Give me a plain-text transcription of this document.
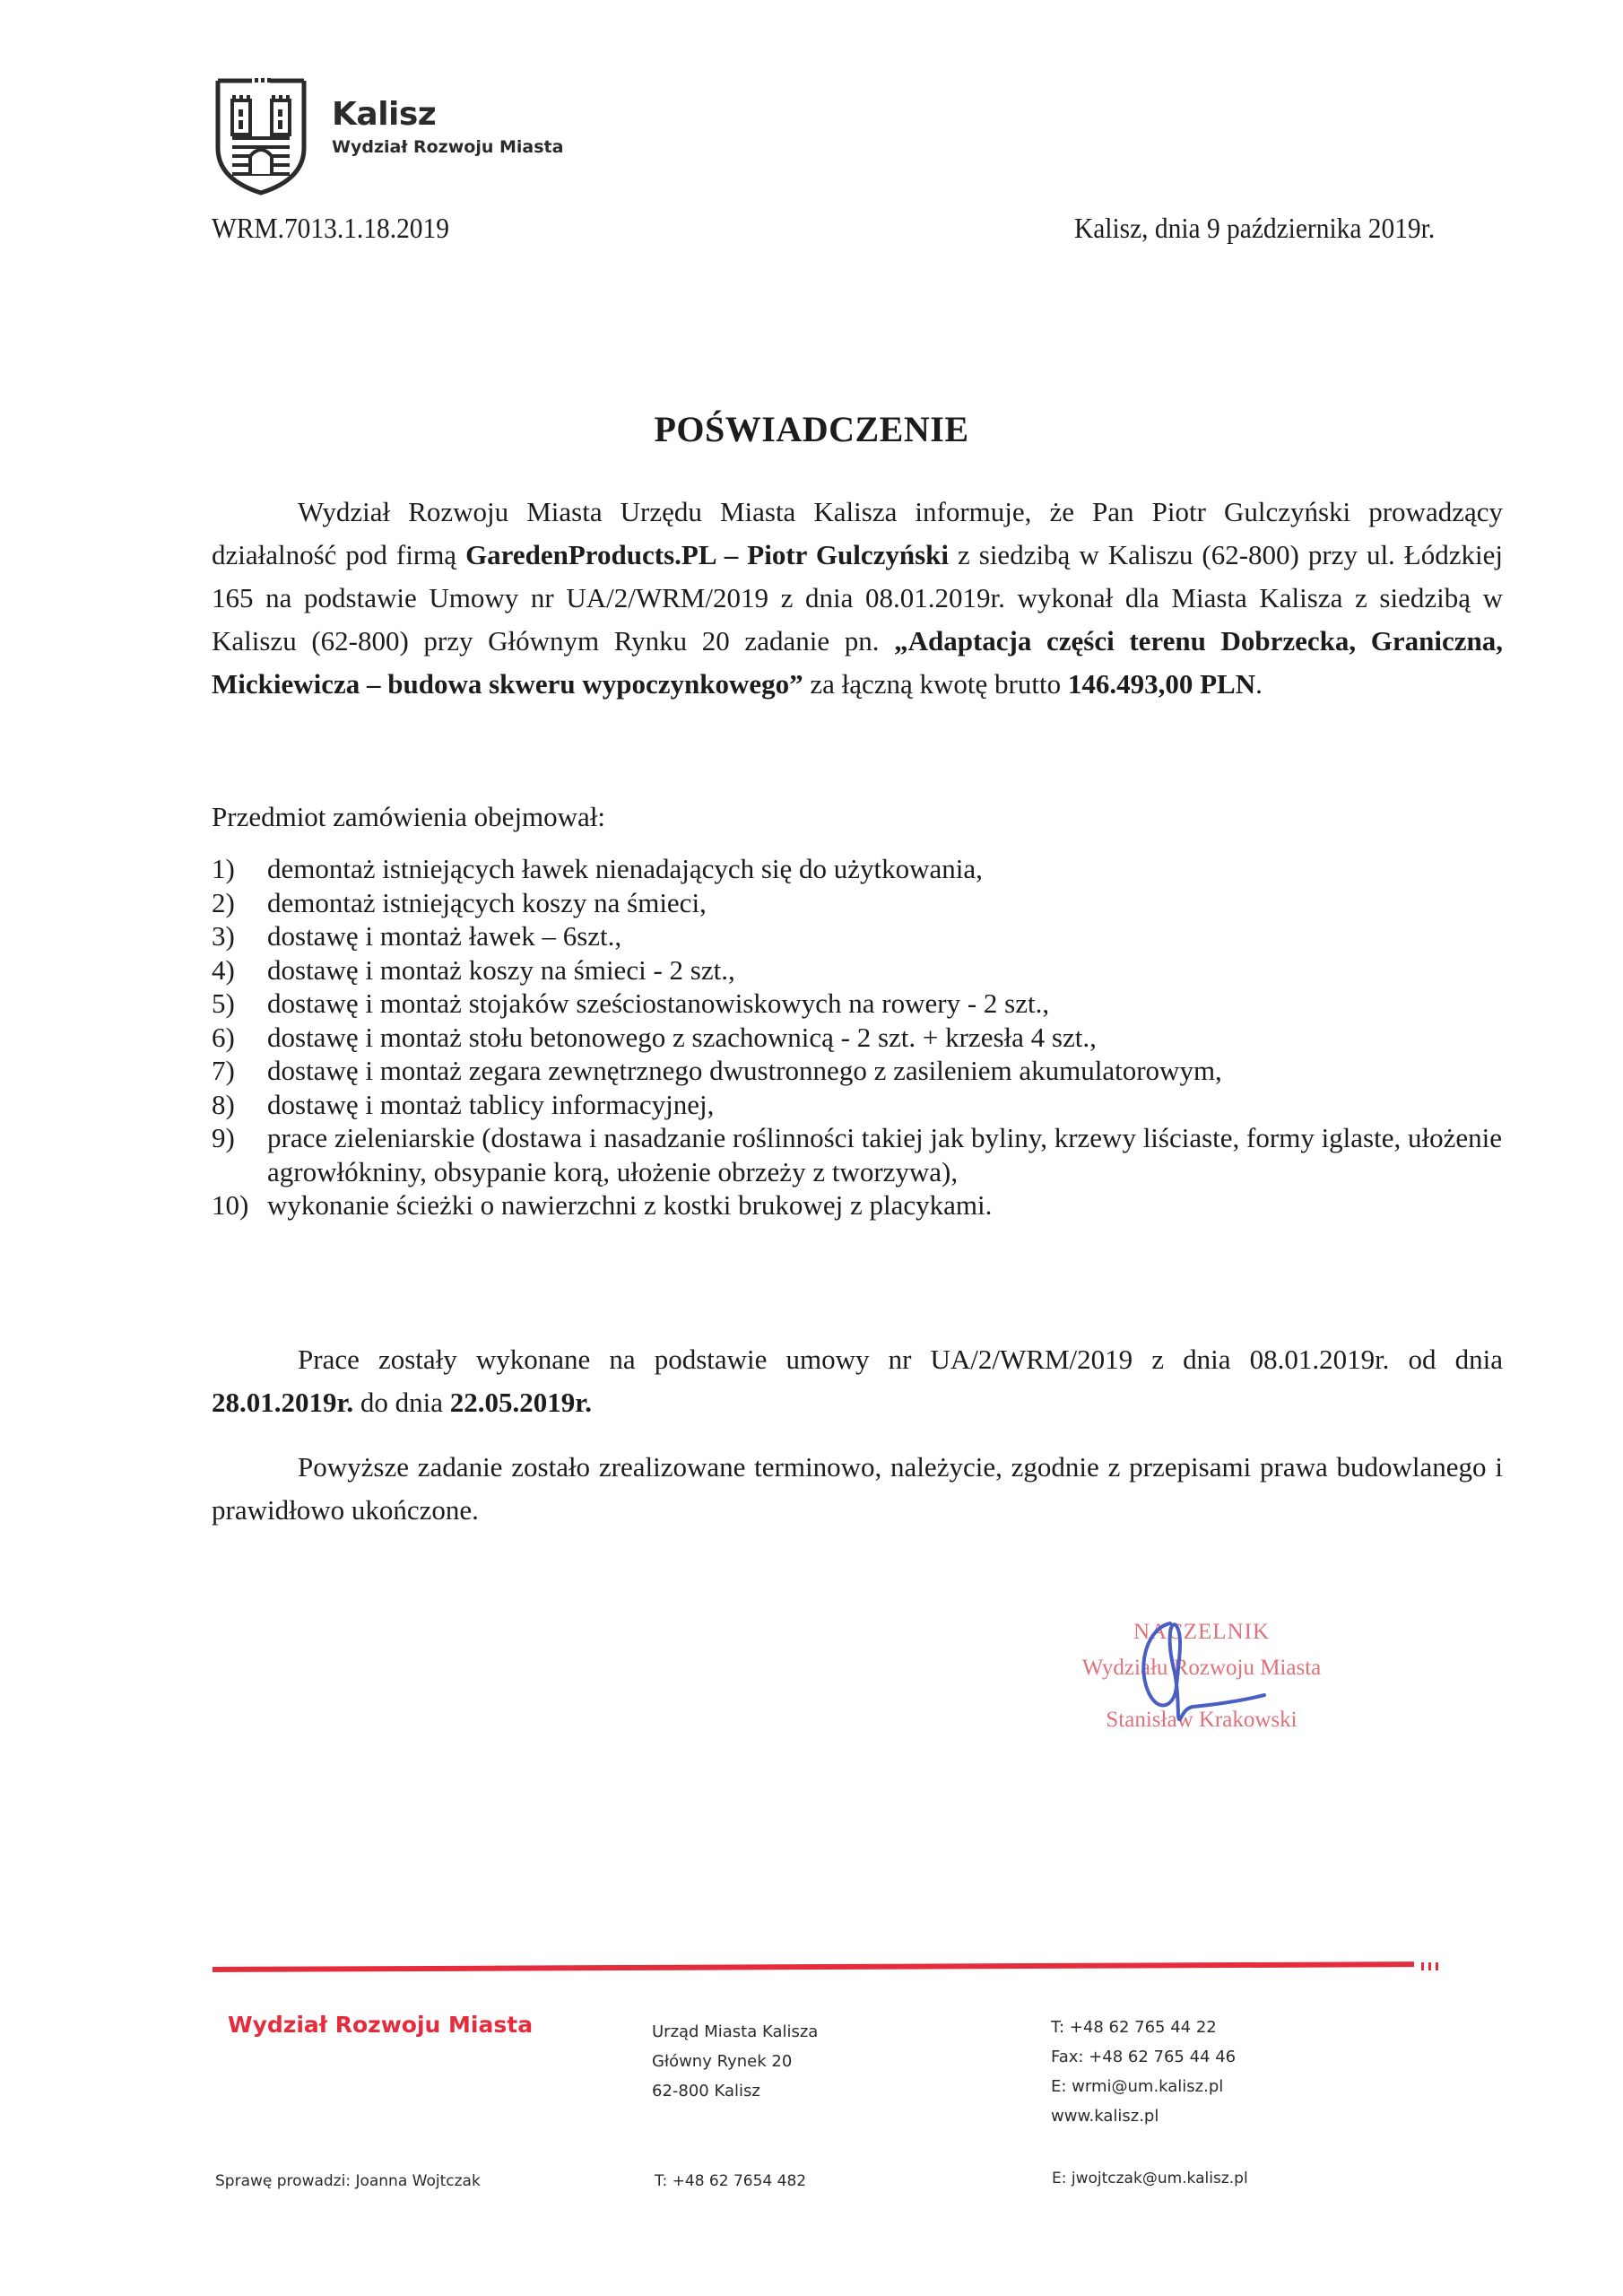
Kalisz
Wydział Rozwoju Miasta
WRM.7013.1.18.2019	Kalisz, dnia 9 października 2019r.
POŚWIADCZENIE
Wydział Rozwoju Miasta Urzędu Miasta Kalisza informuje, że Pan Piotr Gulczyński prowadzący działalność pod firmą GaredenProducts.PL – Piotr Gulczyński z siedzibą w Kaliszu (62-800) przy ul. Łódzkiej 165 na podstawie Umowy nr UA/2/WRM/2019 z dnia 08.01.2019r. wykonał dla Miasta Kalisza z siedzibą w Kaliszu (62-800) przy Głównym Rynku 20 zadanie pn. „Adaptacja części terenu Dobrzecka, Graniczna, Mickiewicza – budowa skweru wypoczynkowego” za łączną kwotę brutto 146.493,00 PLN.
Przedmiot zamówienia obejmował:
1)	demontaż istniejących ławek nienadających się do użytkowania,
2)	demontaż istniejących koszy na śmieci,
3)	dostawę i montaż ławek – 6szt.,
4)	dostawę i montaż koszy na śmieci - 2 szt.,
5)	dostawę i montaż stojaków sześciostanowiskowych na rowery - 2 szt.,
6)	dostawę i montaż stołu betonowego z szachownicą - 2 szt. + krzesła 4 szt.,
7)	dostawę i montaż zegara zewnętrznego dwustronnego z zasileniem akumulatorowym,
8)	dostawę i montaż tablicy informacyjnej,
9)	prace zieleniarskie (dostawa i nasadzanie roślinności takiej jak byliny, krzewy liściaste, formy iglaste, ułożenie agrowłókniny, obsypanie korą, ułożenie obrzeży z tworzywa),
10) wykonanie ścieżki o nawierzchni z kostki brukowej z placykami.
Prace zostały wykonane na podstawie umowy nr UA/2/WRM/2019 z dnia 08.01.2019r. od dnia 28.01.2019r. do dnia 22.05.2019r.
Powyższe zadanie zostało zrealizowane terminowo, należycie, zgodnie z przepisami prawa budowlanego i prawidłowo ukończone.
NACZELNIK
Wydziału Rozwoju Miasta
Stanisław Krakowski
Wydział Rozwoju Miasta	Urząd Miasta Kalisza
Główny Rynek 20
62-800 Kalisz
T: +48 62 765 44 22
Fax: +48 62 765 44 46
E: wrmi@um.kalisz.pl
www.kalisz.pl
Sprawę prowadzi: Joanna Wojtczak	T: +48 62 7654 482	E: jwojtczak@um.kalisz.pl
